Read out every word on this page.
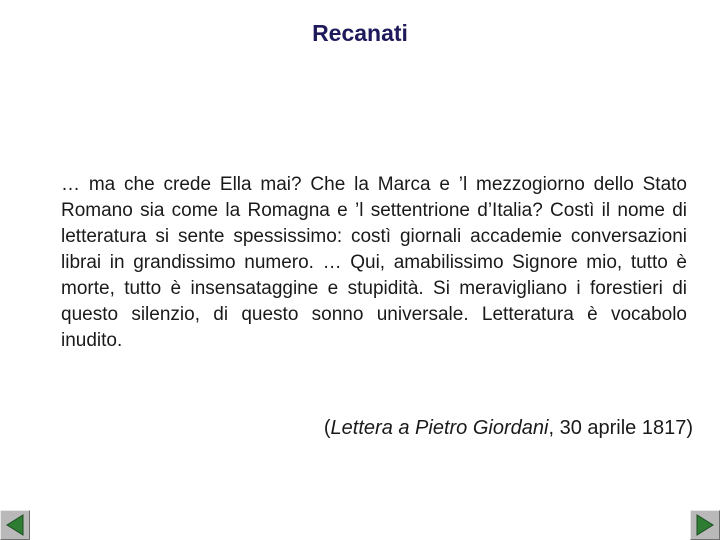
Recanati
… ma che crede Ella mai? Che la Marca e ’l mezzogiorno dello Stato Romano sia come la Romagna e ’l settentrione d’Italia? Costì il nome di letteratura si sente spessissimo: costì giornali accademie conversazioni librai in grandissimo numero. … Qui, amabilissimo Signore mio, tutto è morte, tutto è insensataggine e stupidità. Si meravigliano i forestieri di questo silenzio, di questo sonno universale. Letteratura è vocabolo inudito.
(Lettera a Pietro Giordani, 30 aprile 1817)
